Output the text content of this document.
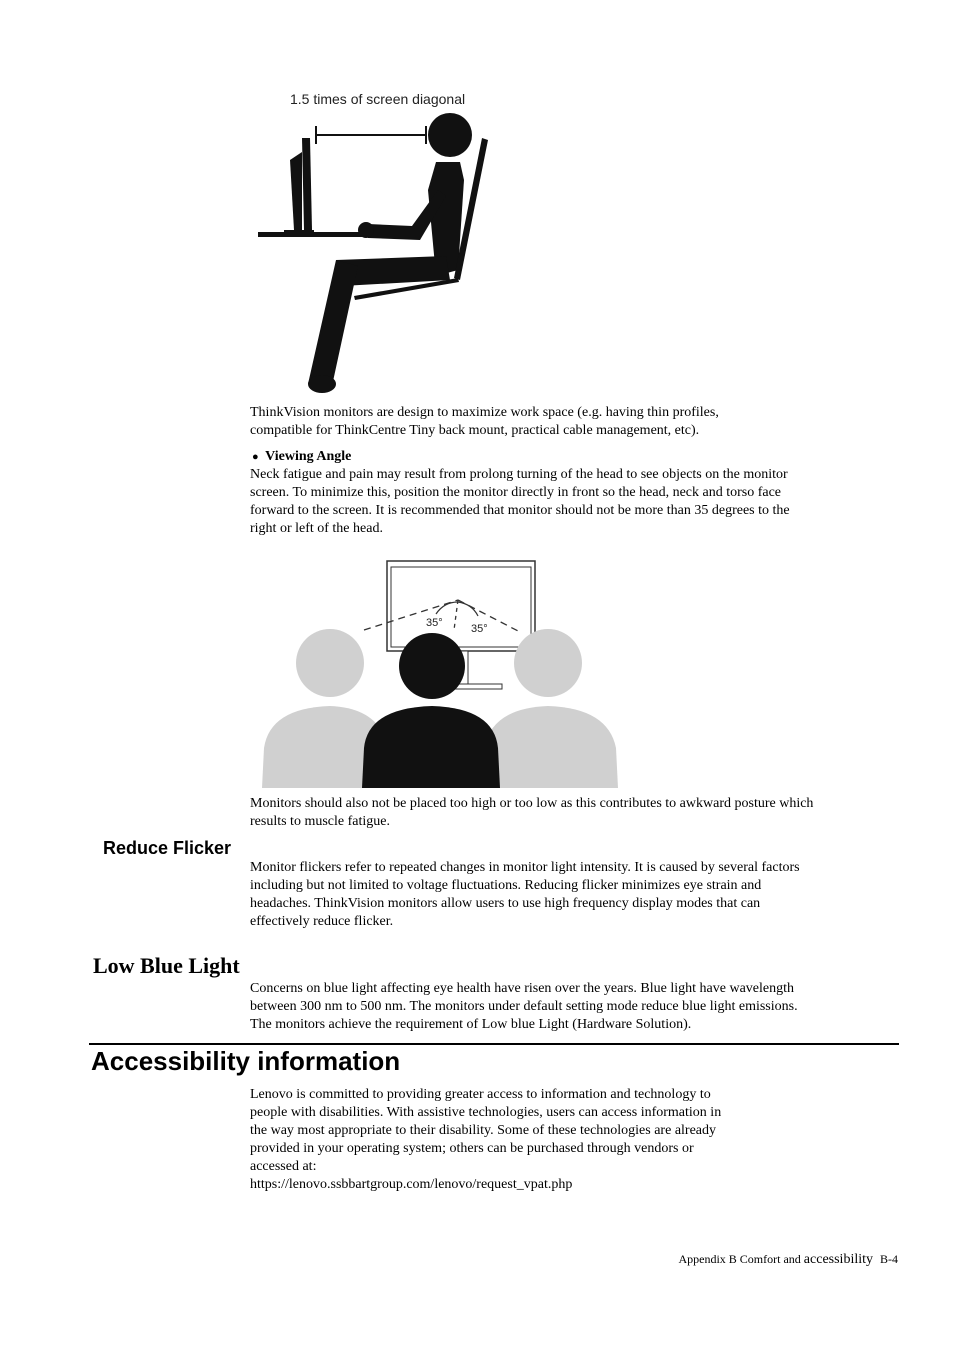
1.5 times of screen diagonal
ThinkVision monitors are design to maximize work space (e.g. having thin profiles,
compatible for ThinkCentre Tiny back mount, practical cable management, etc).
● Viewing Angle
Neck fatigue and pain may result from prolong turning of the head to see objects on the monitor
screen. To minimize this, position the monitor directly in front so the head, neck and torso face
forward to the screen. It is recommended that monitor should not be more than 35 degrees to the
right or left of the head.
35°	35°
Monitors should also not be placed too high or too low as this contributes to awkward posture which
results to muscle fatigue.
Reduce Flicker
Monitor flickers refer to repeated changes in monitor light intensity. It is caused by several factors
including but not limited to voltage fluctuations. Reducing flicker minimizes eye strain and
headaches. ThinkVision monitors allow users to use high frequency display modes that can
effectively reduce flicker.
Low Blue Light
Concerns on blue light affecting eye health have risen over the years. Blue light have wavelength
between 300 nm to 500 nm. The monitors under default setting mode reduce blue light emissions.
The monitors achieve the requirement of Low blue Light (Hardware Solution).
Accessibility information
Lenovo is committed to providing greater access to information and technology to
people with disabilities. With assistive technologies, users can access information in
the way most appropriate to their disability. Some of these technologies are already
provided in your operating system; others can be purchased through vendors or
accessed at:
https://lenovo.ssbbartgroup.com/lenovo/request_vpat.php
Appendix B Comfort and accessibility B-4
